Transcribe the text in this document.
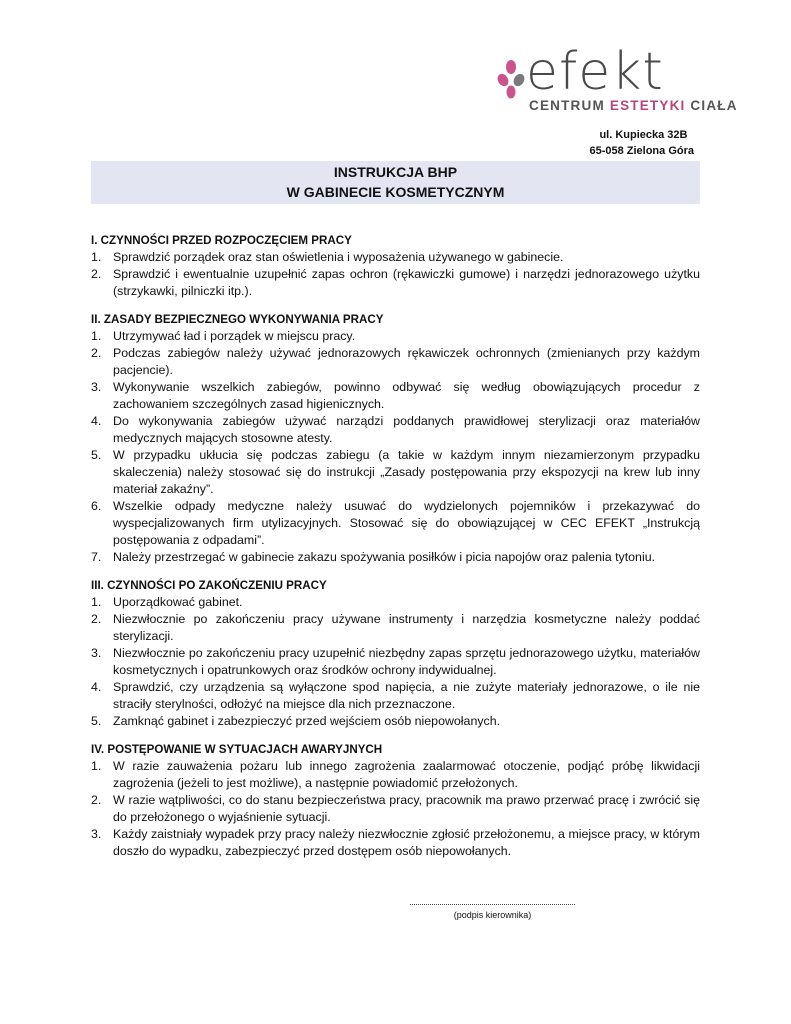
efekt
CENTRUM ESTETYKI CIAŁA
ul. Kupiecka 32B
65-058 Zielona Góra
INSTRUKCJA BHP
W GABINECIE KOSMETYCZNYM
I. CZYNNOŚCI PRZED ROZPOCZĘCIEM PRACY
1. Sprawdzić porządek oraz stan oświetlenia i wyposażenia używanego w gabinecie.
2. Sprawdzić i ewentualnie uzupełnić zapas ochron (rękawiczki gumowe) i narzędzi jednorazowego użytku (strzykawki, pilniczki itp.).
II. ZASADY BEZPIECZNEGO WYKONYWANIA PRACY
1. Utrzymywać ład i porządek w miejscu pracy.
2. Podczas zabiegów należy używać jednorazowych rękawiczek ochronnych (zmienianych przy każdym pacjencie).
3. Wykonywanie wszelkich zabiegów, powinno odbywać się według obowiązujących procedur z zachowaniem szczególnych zasad higienicznych.
4. Do wykonywania zabiegów używać narządzi poddanych prawidłowej sterylizacji oraz materiałów medycznych mających stosowne atesty.
5. W przypadku ukłucia się podczas zabiegu (a takie w każdym innym niezamierzonym przypadku skaleczenia) należy stosować się do instrukcji „Zasady postępowania przy ekspozycji na krew lub inny materiał zakaźny”.
6. Wszelkie odpady medyczne należy usuwać do wydzielonych pojemników i przekazywać do wyspecjalizowanych firm utylizacyjnych. Stosować się do obowiązującej w CEC EFEKT „Instrukcją postępowania z odpadami”.
7. Należy przestrzegać w gabinecie zakazu spożywania posiłków i picia napojów oraz palenia tytoniu.
III. CZYNNOŚCI PO ZAKOŃCZENIU PRACY
1. Uporządkować gabinet.
2. Niezwłocznie po zakończeniu pracy używane instrumenty i narzędzia kosmetyczne należy poddać sterylizacji.
3. Niezwłocznie po zakończeniu pracy uzupełnić niezbędny zapas sprzętu jednorazowego użytku, materiałów kosmetycznych i opatrunkowych oraz środków ochrony indywidualnej.
4. Sprawdzić, czy urządzenia są wyłączone spod napięcia, a nie zużyte materiały jednorazowe, o ile nie straciły sterylności, odłożyć na miejsce dla nich przeznaczone.
5. Zamknąć gabinet i zabezpieczyć przed wejściem osób niepowołanych.
IV. POSTĘPOWANIE W SYTUACJACH AWARYJNYCH
1. W razie zauważenia pożaru lub innego zagrożenia zaalarmować otoczenie, podjąć próbę likwidacji zagrożenia (jeżeli to jest możliwe), a następnie powiadomić przełożonych.
2. W razie wątpliwości, co do stanu bezpieczeństwa pracy, pracownik ma prawo przerwać pracę i zwrócić się do przełożonego o wyjaśnienie sytuacji.
3. Każdy zaistniały wypadek przy pracy należy niezwłocznie zgłosić przełożonemu, a miejsce pracy, w którym doszło do wypadku, zabezpieczyć przed dostępem osób niepowołanych.
(podpis kierownika)
